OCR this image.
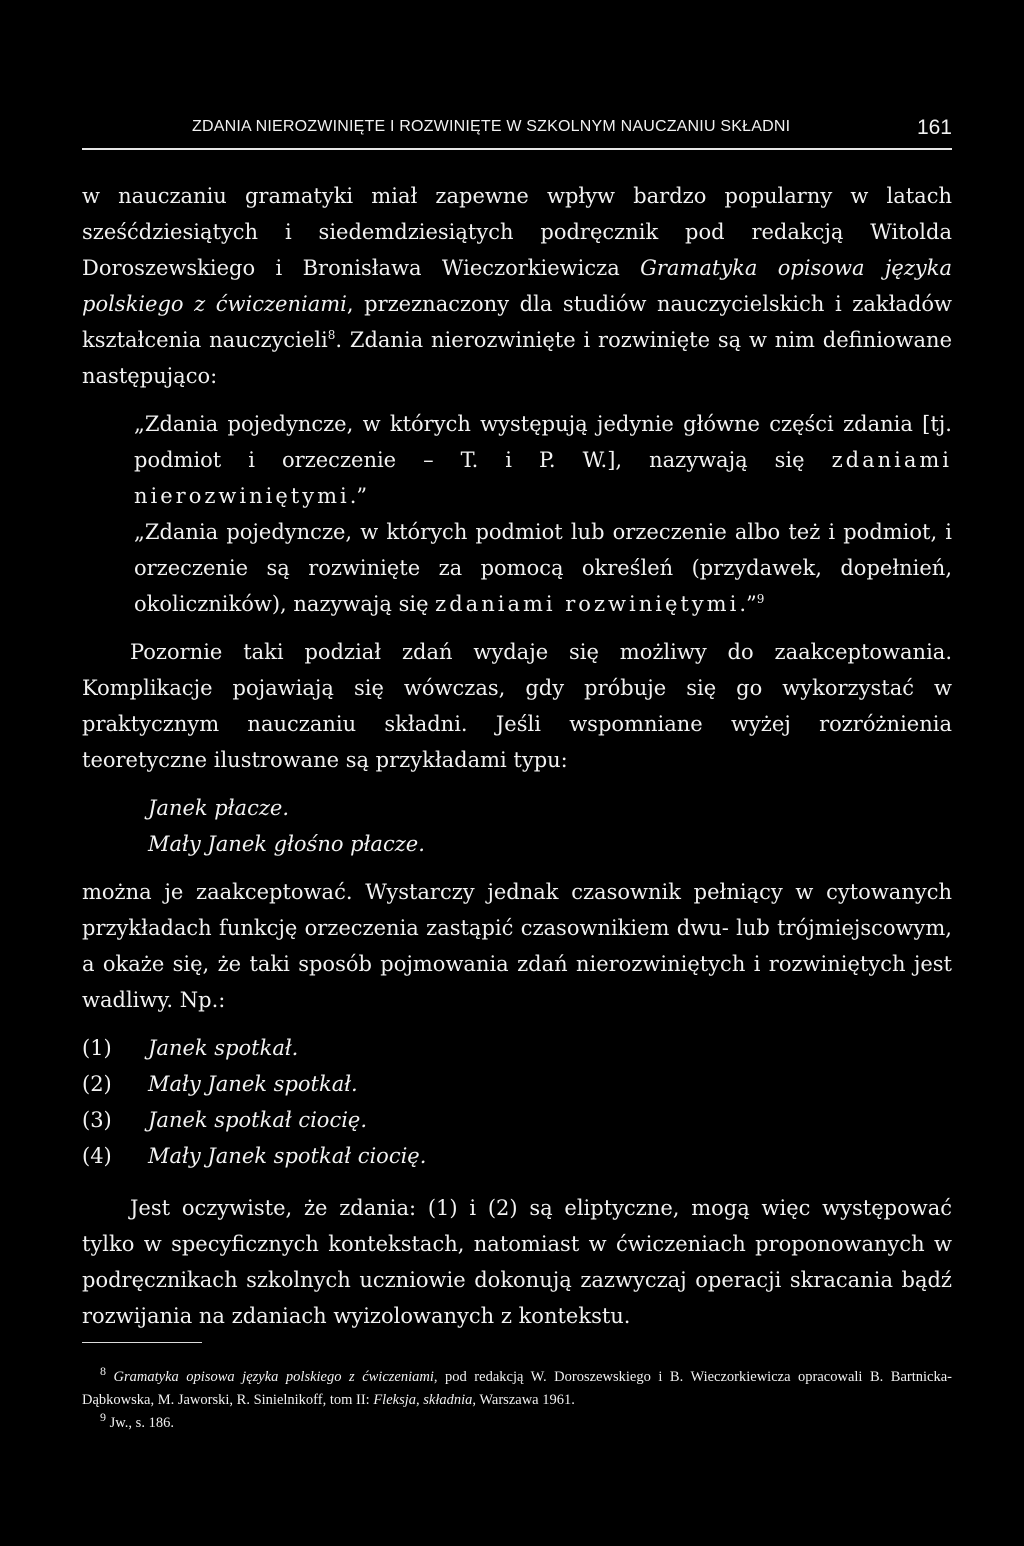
ZDANIA NIEROZWINIĘTE I ROZWINIĘTE W SZKOLNYM NAUCZANIU SKŁADNI	161

w nauczaniu gramatyki miał zapewne wpływ bardzo popularny w latach sześćdziesiątych i siedemdziesiątych podręcznik pod redakcją Witolda Doroszewskiego i Bronisława Wieczorkiewicza Gramatyka opisowa języka polskiego z ćwiczeniami, przeznaczony dla studiów nauczycielskich i zakładów kształcenia nauczycieli$^8$. Zdania nierozwinięte i rozwinięte są w nim definiowane następująco:

„Zdania pojedyncze, w których występują jedynie główne części zdania [tj. podmiot i orzeczenie – T. i P. W.], nazywają się zdaniami nierozwiniętymi.”

„Zdania pojedyncze, w których podmiot lub orzeczenie albo też i podmiot, i orzeczenie są rozwinięte za pomocą określeń (przydawek, dopełnień, okoliczników), nazywają się zdaniami rozwiniętymi.”$^9$

Pozornie taki podział zdań wydaje się możliwy do zaakceptowania. Komplikacje pojawiają się wówczas, gdy próbuje się go wykorzystać w praktycznym nauczaniu składni. Jeśli wspomniane wyżej rozróżnienia teoretyczne ilustrowane są przykładami typu:

Janek płacze.

Mały Janek głośno płacze.

można je zaakceptować. Wystarczy jednak czasownik pełniący w cytowanych przykładach funkcję orzeczenia zastąpić czasownikiem dwu- lub trójmiejscowym, a okaże się, że taki sposób pojmowania zdań nierozwiniętych i rozwiniętych jest wadliwy. Np.:

(1)	Janek spotkał.
(2)	Mały Janek spotkał.
(3)	Janek spotkał ciocię.
(4)	Mały Janek spotkał ciocię.

Jest oczywiste, że zdania: (1) i (2) są eliptyczne, mogą więc występować tylko w specyficznych kontekstach, natomiast w ćwiczeniach proponowanych w podręcznikach szkolnych uczniowie dokonują zazwyczaj operacji skracania bądź rozwijania na zdaniach wyizolowanych z kontekstu.

$^8$ Gramatyka opisowa języka polskiego z ćwiczeniami, pod redakcją W. Doroszewskiego i B. Wieczorkiewicza opracowali B. Bartnicka-Dąbkowska, M. Jaworski, R. Sinielnikoff, tom II: Fleksja, składnia, Warszawa 1961.

$^9$ Jw., s. 186.
